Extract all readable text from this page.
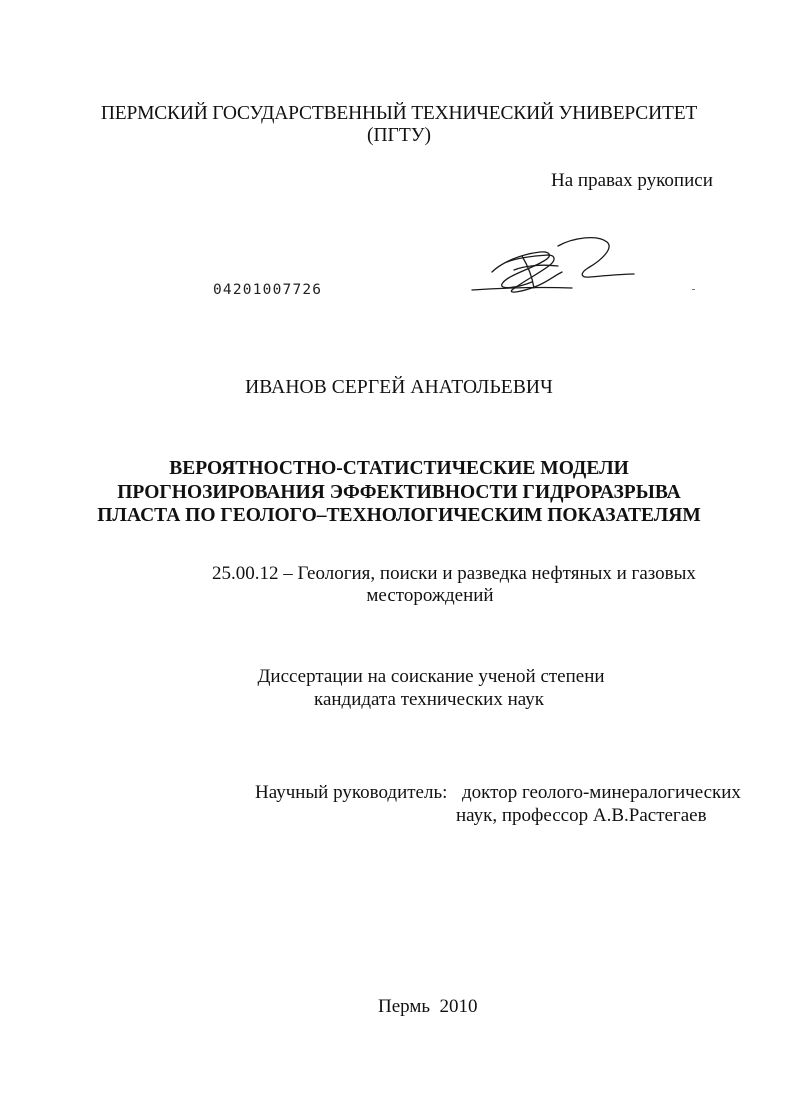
ПЕРМСКИЙ ГОСУДАРСТВЕННЫЙ ТЕХНИЧЕСКИЙ УНИВЕРСИТЕТ
(ПГТУ)
На правах рукописи
04201007726
ИВАНОВ СЕРГЕЙ АНАТОЛЬЕВИЧ
ВЕРОЯТНОСТНО-СТАТИСТИЧЕСКИЕ МОДЕЛИ
ПРОГНОЗИРОВАНИЯ ЭФФЕКТИВНОСТИ ГИДРОРАЗРЫВА
ПЛАСТА ПО ГЕОЛОГО–ТЕХНОЛОГИЧЕСКИМ ПОКАЗАТЕЛЯМ
25.00.12 – Геология, поиски и разведка нефтяных и газовых
месторождений
Диссертации на соискание ученой степени
кандидата технических наук
Научный руководитель: доктор геолого-минералогических
наук, профессор А.В.Растегаев
Пермь  2010
